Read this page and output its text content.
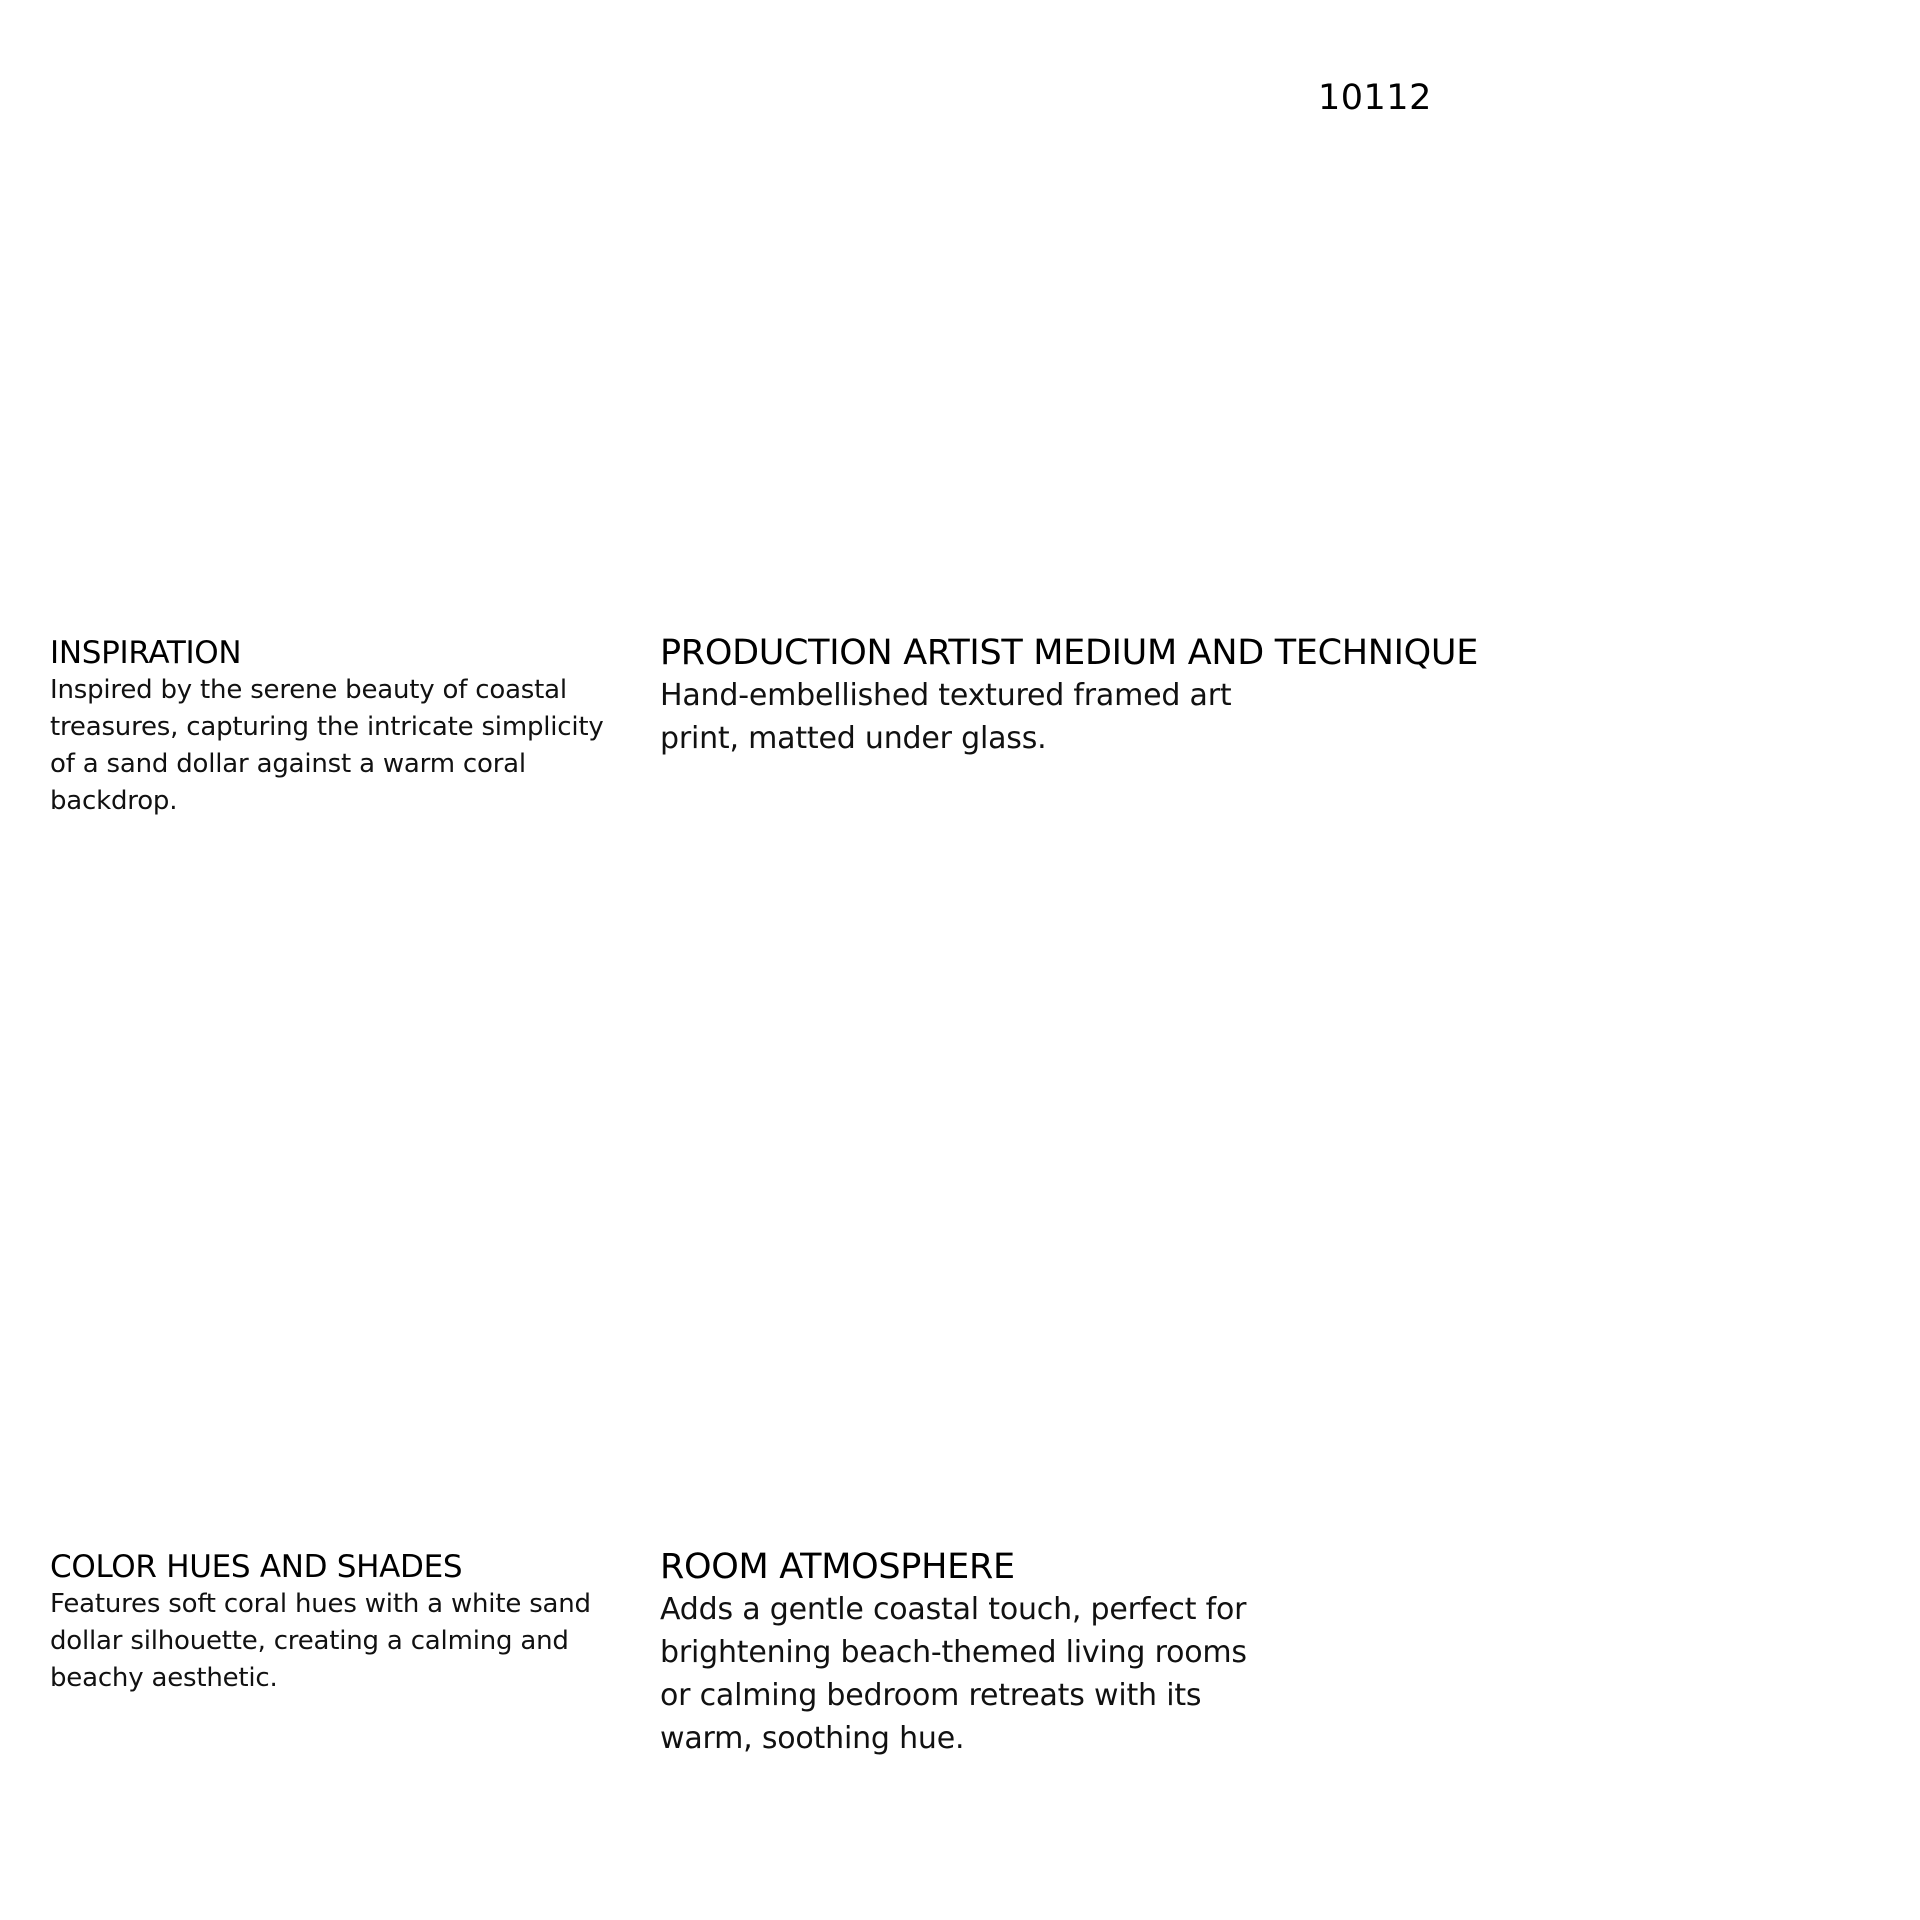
10112
INSPIRATION

Inspired by the serene beauty of coastal treasures, capturing the intricate simplicity of a sand dollar against a warm coral backdrop.

PRODUCTION ARTIST MEDIUM AND TECHNIQUE

Hand-embellished textured framed art print, matted under glass.

COLOR HUES AND SHADES

Features soft coral hues with a white sand dollar silhouette, creating a calming and beachy aesthetic.

ROOM ATMOSPHERE

Adds a gentle coastal touch, perfect for brightening beach-themed living rooms or calming bedroom retreats with its warm, soothing hue.
